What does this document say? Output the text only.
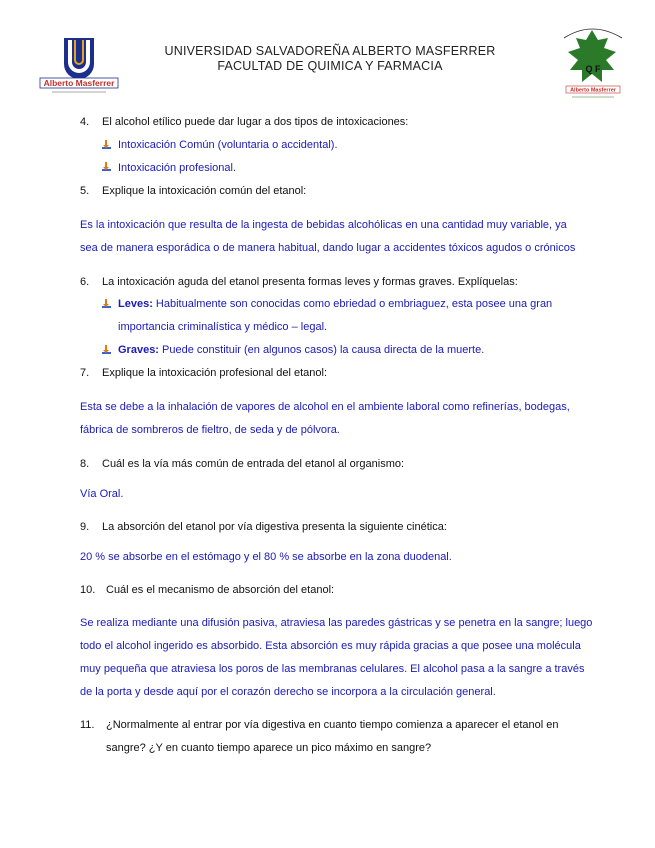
Alberto Masferrer
UNIVERSIDAD SALVADOREÑA ALBERTO MASFERRER
FACULTAD DE QUIMICA Y FARMACIA	Q F
Alberto Masferrer
4. El alcohol etílico puede dar lugar a dos tipos de intoxicaciones:
Intoxicación Común (voluntaria o accidental).
Intoxicación profesional.
5. Explique la intoxicación común del etanol:
Es la intoxicación que resulta de la ingesta de bebidas alcohólicas en una cantidad muy variable, ya
sea de manera esporádica o de manera habitual, dando lugar a accidentes tóxicos agudos o crónicos
6. La intoxicación aguda del etanol presenta formas leves y formas graves. Explíquelas:
Leves: Habitualmente son conocidas como ebriedad o embriaguez, esta posee una gran
importancia criminalística y médico – legal.
Graves: Puede constituir (en algunos casos) la causa directa de la muerte.
7. Explique la intoxicación profesional del etanol:
Esta se debe a la inhalación de vapores de alcohol en el ambiente laboral como refinerías, bodegas,
fábrica de sombreros de fieltro, de seda y de pólvora.
8. Cuál es la vía más común de entrada del etanol al organismo:
Vía Oral.
9. La absorción del etanol por vía digestiva presenta la siguiente cinética:
20 % se absorbe en el estómago y el 80 % se absorbe en la zona duodenal.
10. Cuál es el mecanismo de absorción del etanol:
Se realiza mediante una difusión pasiva, atraviesa las paredes gástricas y se penetra en la sangre; luego
todo el alcohol ingerido es absorbido. Esta absorción es muy rápida gracias a que posee una molécula
muy pequeña que atraviesa los poros de las membranas celulares. El alcohol pasa a la sangre a través
de la porta y desde aquí por el corazón derecho se incorpora a la circulación general.
11. ¿Normalmente al entrar por vía digestiva en cuanto tiempo comienza a aparecer el etanol en
sangre? ¿Y en cuanto tiempo aparece un pico máximo en sangre?
